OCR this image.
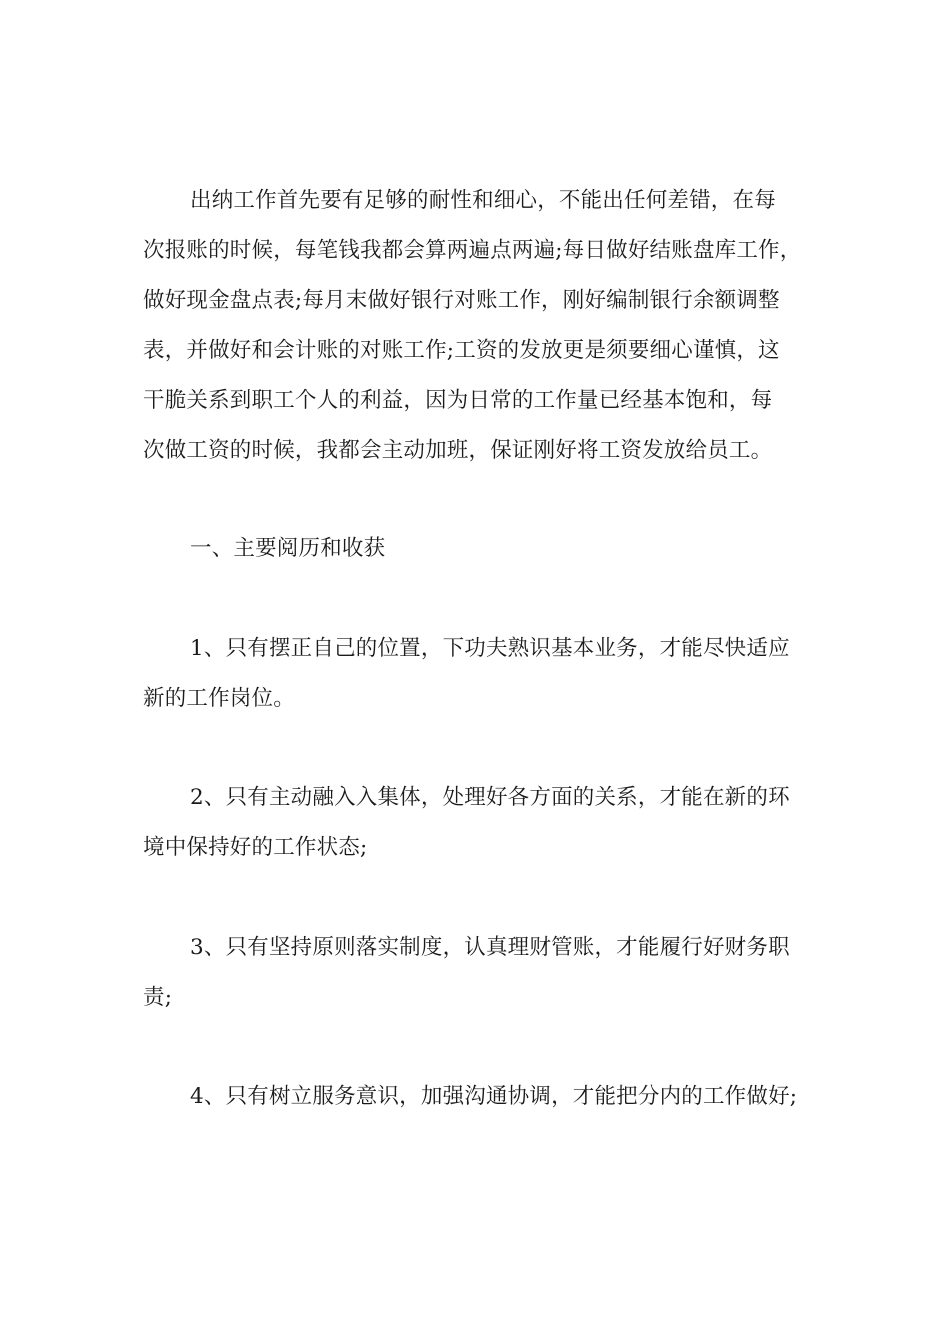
出纳工作首先要有足够的耐性和细心，不能出任何差错，在每

次报账的时候，每笔钱我都会算两遍点两遍;每日做好结账盘库工作，

做好现金盘点表;每月末做好银行对账工作，刚好编制银行余额调整

表，并做好和会计账的对账工作;工资的发放更是须要细心谨慎，这

干脆关系到职工个人的利益，因为日常的工作量已经基本饱和，每

次做工资的时候，我都会主动加班，保证刚好将工资发放给员工。

一、主要阅历和收获

1、只有摆正自己的位置，下功夫熟识基本业务，才能尽快适应

新的工作岗位。

2、只有主动融入入集体，处理好各方面的关系，才能在新的环

境中保持好的工作状态;

3、只有坚持原则落实制度，认真理财管账，才能履行好财务职

责;

4、只有树立服务意识，加强沟通协调，才能把分内的工作做好;
